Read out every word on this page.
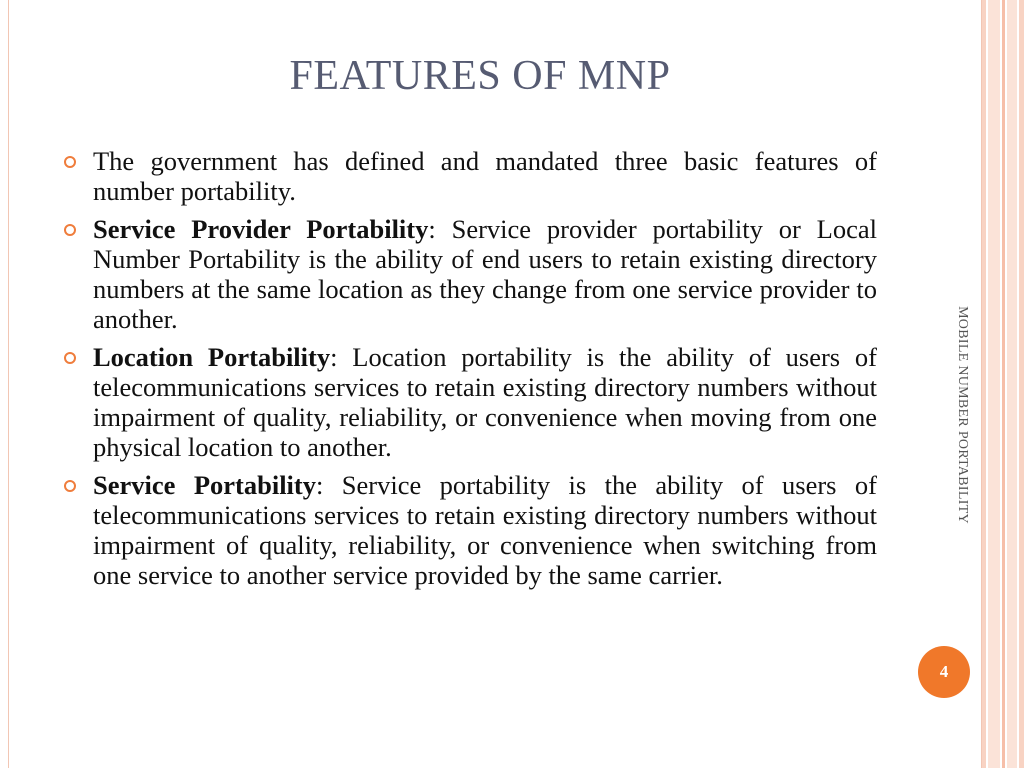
FEATURES OF MNP
The government has defined and mandated three basic features of number portability.
Service Provider Portability: Service provider portability or Local Number Portability is the ability of end users to retain existing directory numbers at the same location as they change from one service provider to another.
Location Portability: Location portability is the ability of users of telecommunications services to retain existing directory numbers without impairment of quality, reliability, or convenience when moving from one physical location to another.
Service Portability: Service portability is the ability of users of telecommunications services to retain existing directory numbers without impairment of quality, reliability, or convenience when switching from one service to another service provided by the same carrier.
MOBILE NUMBER PORTABILITY
4
